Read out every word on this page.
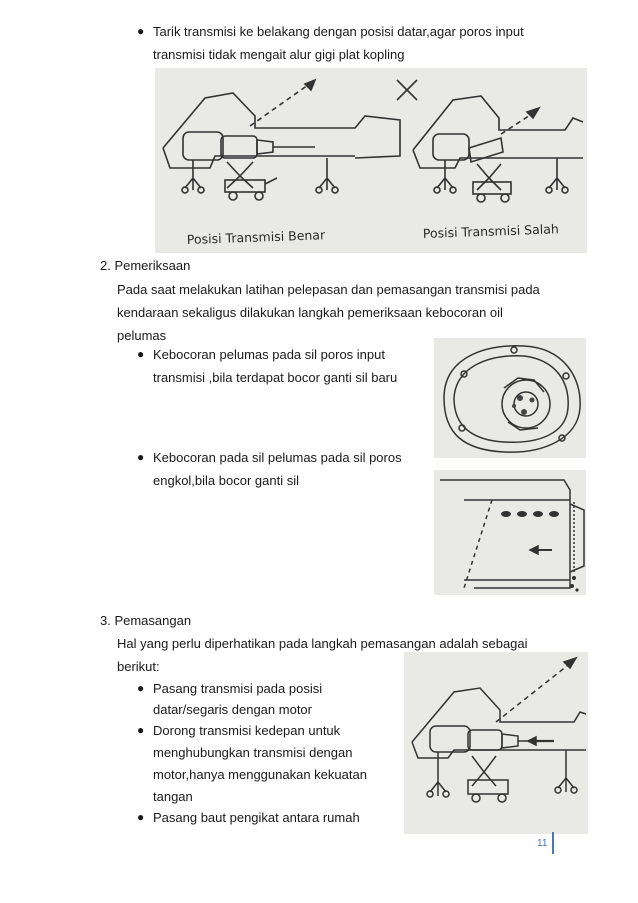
● Tarik transmisi ke belakang dengan posisi datar,agar poros input
transmisi tidak mengait alur gigi plat kopling
Posisi Transmisi Benar	Posisi Transmisi Salah
2. Pemeriksaan
Pada saat melakukan latihan pelepasan dan pemasangan transmisi pada
kendaraan sekaligus dilakukan langkah pemeriksaan kebocoran oil
pelumas
● Kebocoran pelumas pada sil poros input
transmisi ,bila terdapat bocor ganti sil baru
● Kebocoran pada sil pelumas pada sil poros
engkol,bila bocor ganti sil
3. Pemasangan
Hal yang perlu diperhatikan pada langkah pemasangan adalah sebagai
berikut:
● Pasang transmisi pada posisi
datar/segaris dengan motor
● Dorong transmisi kedepan untuk
menghubungkan transmisi dengan
motor,hanya menggunakan kekuatan
tangan
● Pasang baut pengikat antara rumah
11
